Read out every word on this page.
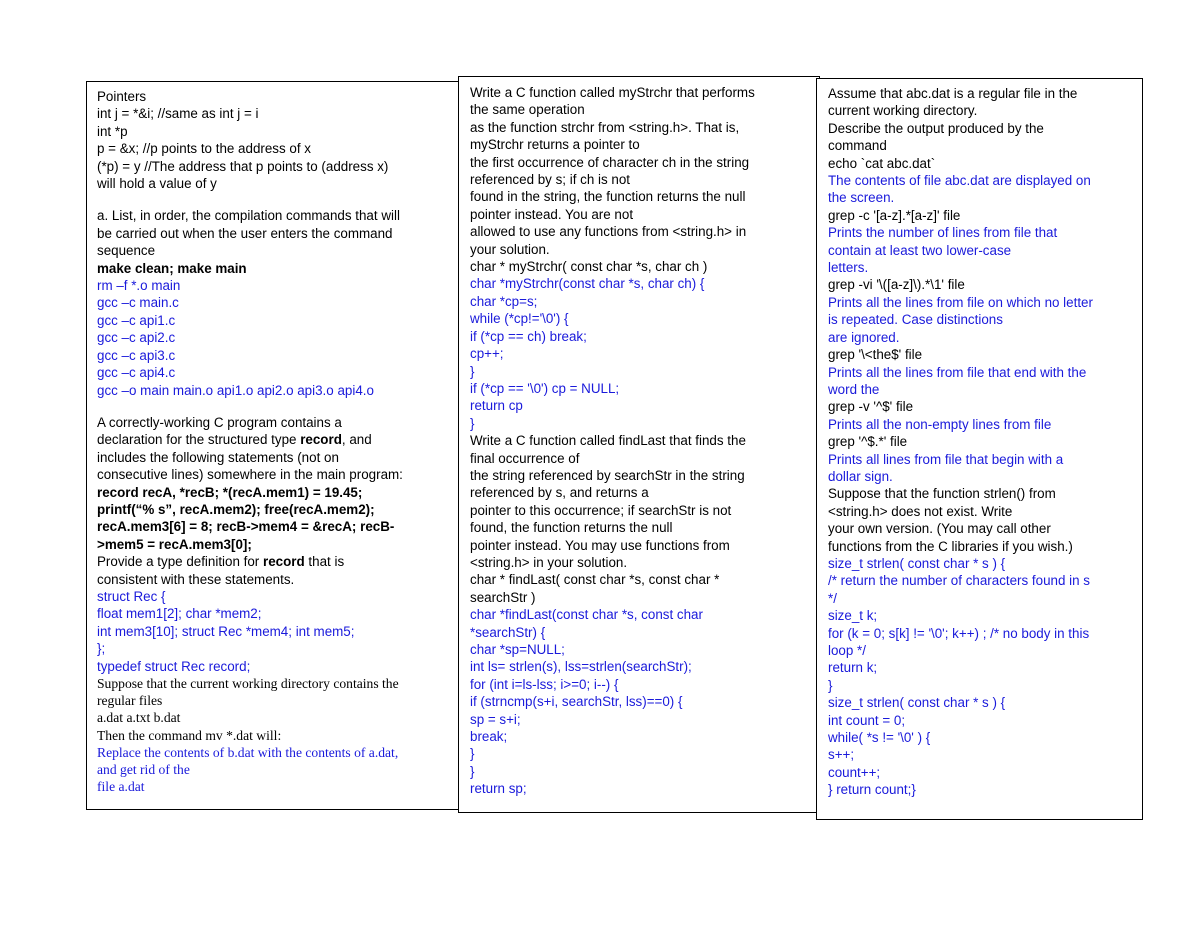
Pointers
int j = *&i; //same as int j = i
int *p
p = &x; //p points to the address of x
(*p) = y //The address that p points to (address x)
will hold a value of y
a. List, in order, the compilation commands that will
be carried out when the user enters the command
sequence
make clean; make main
rm –f *.o main
gcc –c main.c
gcc –c api1.c
gcc –c api2.c
gcc –c api3.c
gcc –c api4.c
gcc –o main main.o api1.o api2.o api3.o api4.o
A correctly-working C program contains a
declaration for the structured type record, and
includes the following statements (not on
consecutive lines) somewhere in the main program:
record recA, *recB; *(recA.mem1) = 19.45;
printf(“% s”, recA.mem2); free(recA.mem2);
recA.mem3[6] = 8; recB->mem4 = &recA; recB-
>mem5 = recA.mem3[0];
Provide a type definition for record that is
consistent with these statements.
struct Rec {
float mem1[2]; char *mem2;
int mem3[10]; struct Rec *mem4; int mem5;
};
typedef struct Rec record;
Suppose that the current working directory contains the
regular files
a.dat a.txt b.dat
Then the command mv *.dat will:
Replace the contents of b.dat with the contents of a.dat,
and get rid of the
file a.dat
Write a C function called myStrchr that performs
the same operation
as the function strchr from <string.h>. That is,
myStrchr returns a pointer to
the first occurrence of character ch in the string
referenced by s; if ch is not
found in the string, the function returns the null
pointer instead. You are not
allowed to use any functions from <string.h> in
your solution.
char * myStrchr( const char *s, char ch )
char *myStrchr(const char *s, char ch) {
char *cp=s;
while (*cp!='\0') {
if (*cp == ch) break;
cp++;
}
if (*cp == '\0') cp = NULL;
return cp
}
Write a C function called findLast that finds the
final occurrence of
the string referenced by searchStr in the string
referenced by s, and returns a
pointer to this occurrence; if searchStr is not
found, the function returns the null
pointer instead. You may use functions from
<string.h> in your solution.
char * findLast( const char *s, const char *
searchStr )
char *findLast(const char *s, const char
*searchStr) {
char *sp=NULL;
int ls= strlen(s), lss=strlen(searchStr);
for (int i=ls-lss; i>=0; i--) {
if (strncmp(s+i, searchStr, lss)==0) {
sp = s+i;
break;
}
}
return sp;
Assume that abc.dat is a regular file in the
current working directory.
Describe the output produced by the
command
echo `cat abc.dat`
The contents of file abc.dat are displayed on
the screen.
grep -c '[a-z].*[a-z]' file
Prints the number of lines from file that
contain at least two lower-case
letters.
grep -vi '\([a-z]\).*\1' file
Prints all the lines from file on which no letter
is repeated. Case distinctions
are ignored.
grep '\<the$' file
Prints all the lines from file that end with the
word the
grep -v '^$' file
Prints all the non-empty lines from file
grep '^$.*' file
Prints all lines from file that begin with a
dollar sign.
Suppose that the function strlen() from
<string.h> does not exist. Write
your own version. (You may call other
functions from the C libraries if you wish.)
size_t strlen( const char * s ) {
/* return the number of characters found in s
*/
size_t k;
for (k = 0; s[k] != '\0'; k++) ; /* no body in this
loop */
return k;
}
size_t strlen( const char * s ) {
int count = 0;
while( *s != '\0' ) {
s++;
count++;
} return count;}
